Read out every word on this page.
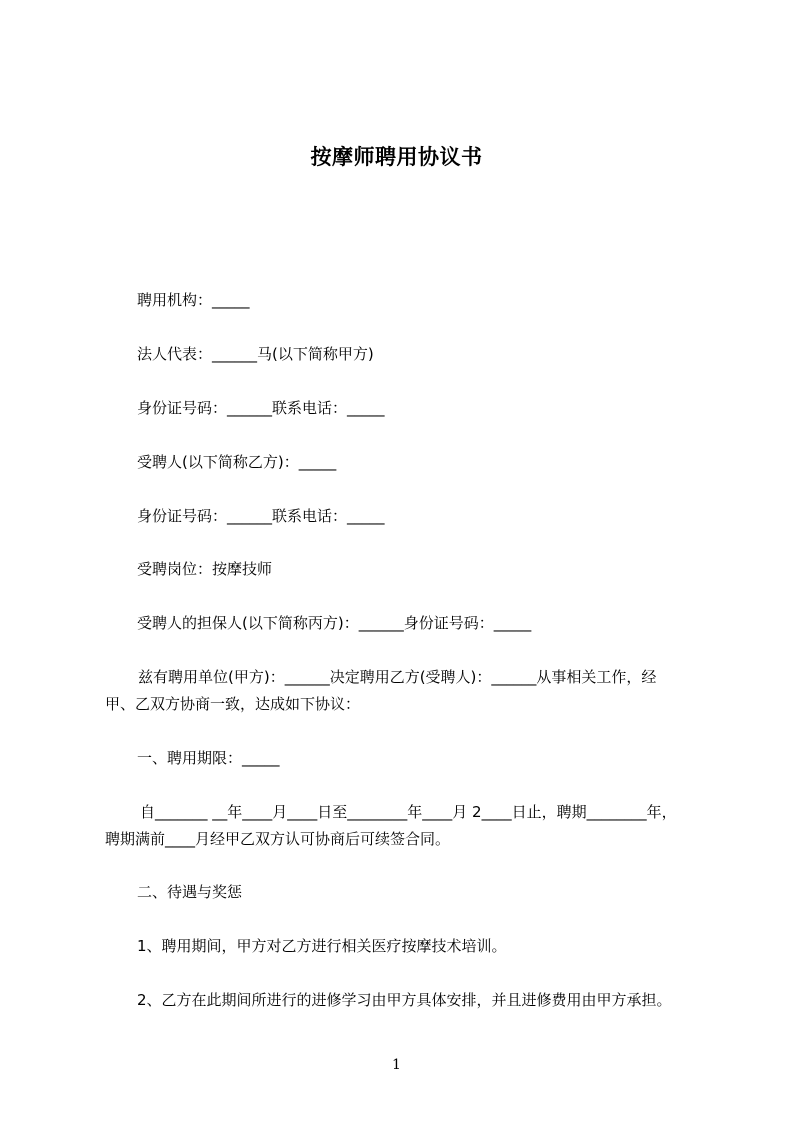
按摩师聘用协议书
聘用机构：_____
法人代表：______马(以下简称甲方)
身份证号码：______联系电话：_____
受聘人(以下简称乙方)：_____
身份证号码：______联系电话：_____
受聘岗位：按摩技师
受聘人的担保人(以下简称丙方)：______身份证号码：_____
兹有聘用单位(甲方)：______决定聘用乙方(受聘人)：______从事相关工作，经
甲、乙双方协商一致，达成如下协议：
一、聘用期限：_____
自_______ __年____月____日至________年____月 2____日止，聘期________年，
聘期满前____月经甲乙双方认可协商后可续签合同。
二、待遇与奖惩
1、聘用期间，甲方对乙方进行相关医疗按摩技术培训。
2、乙方在此期间所进行的进修学习由甲方具体安排，并且进修费用由甲方承担。
1
